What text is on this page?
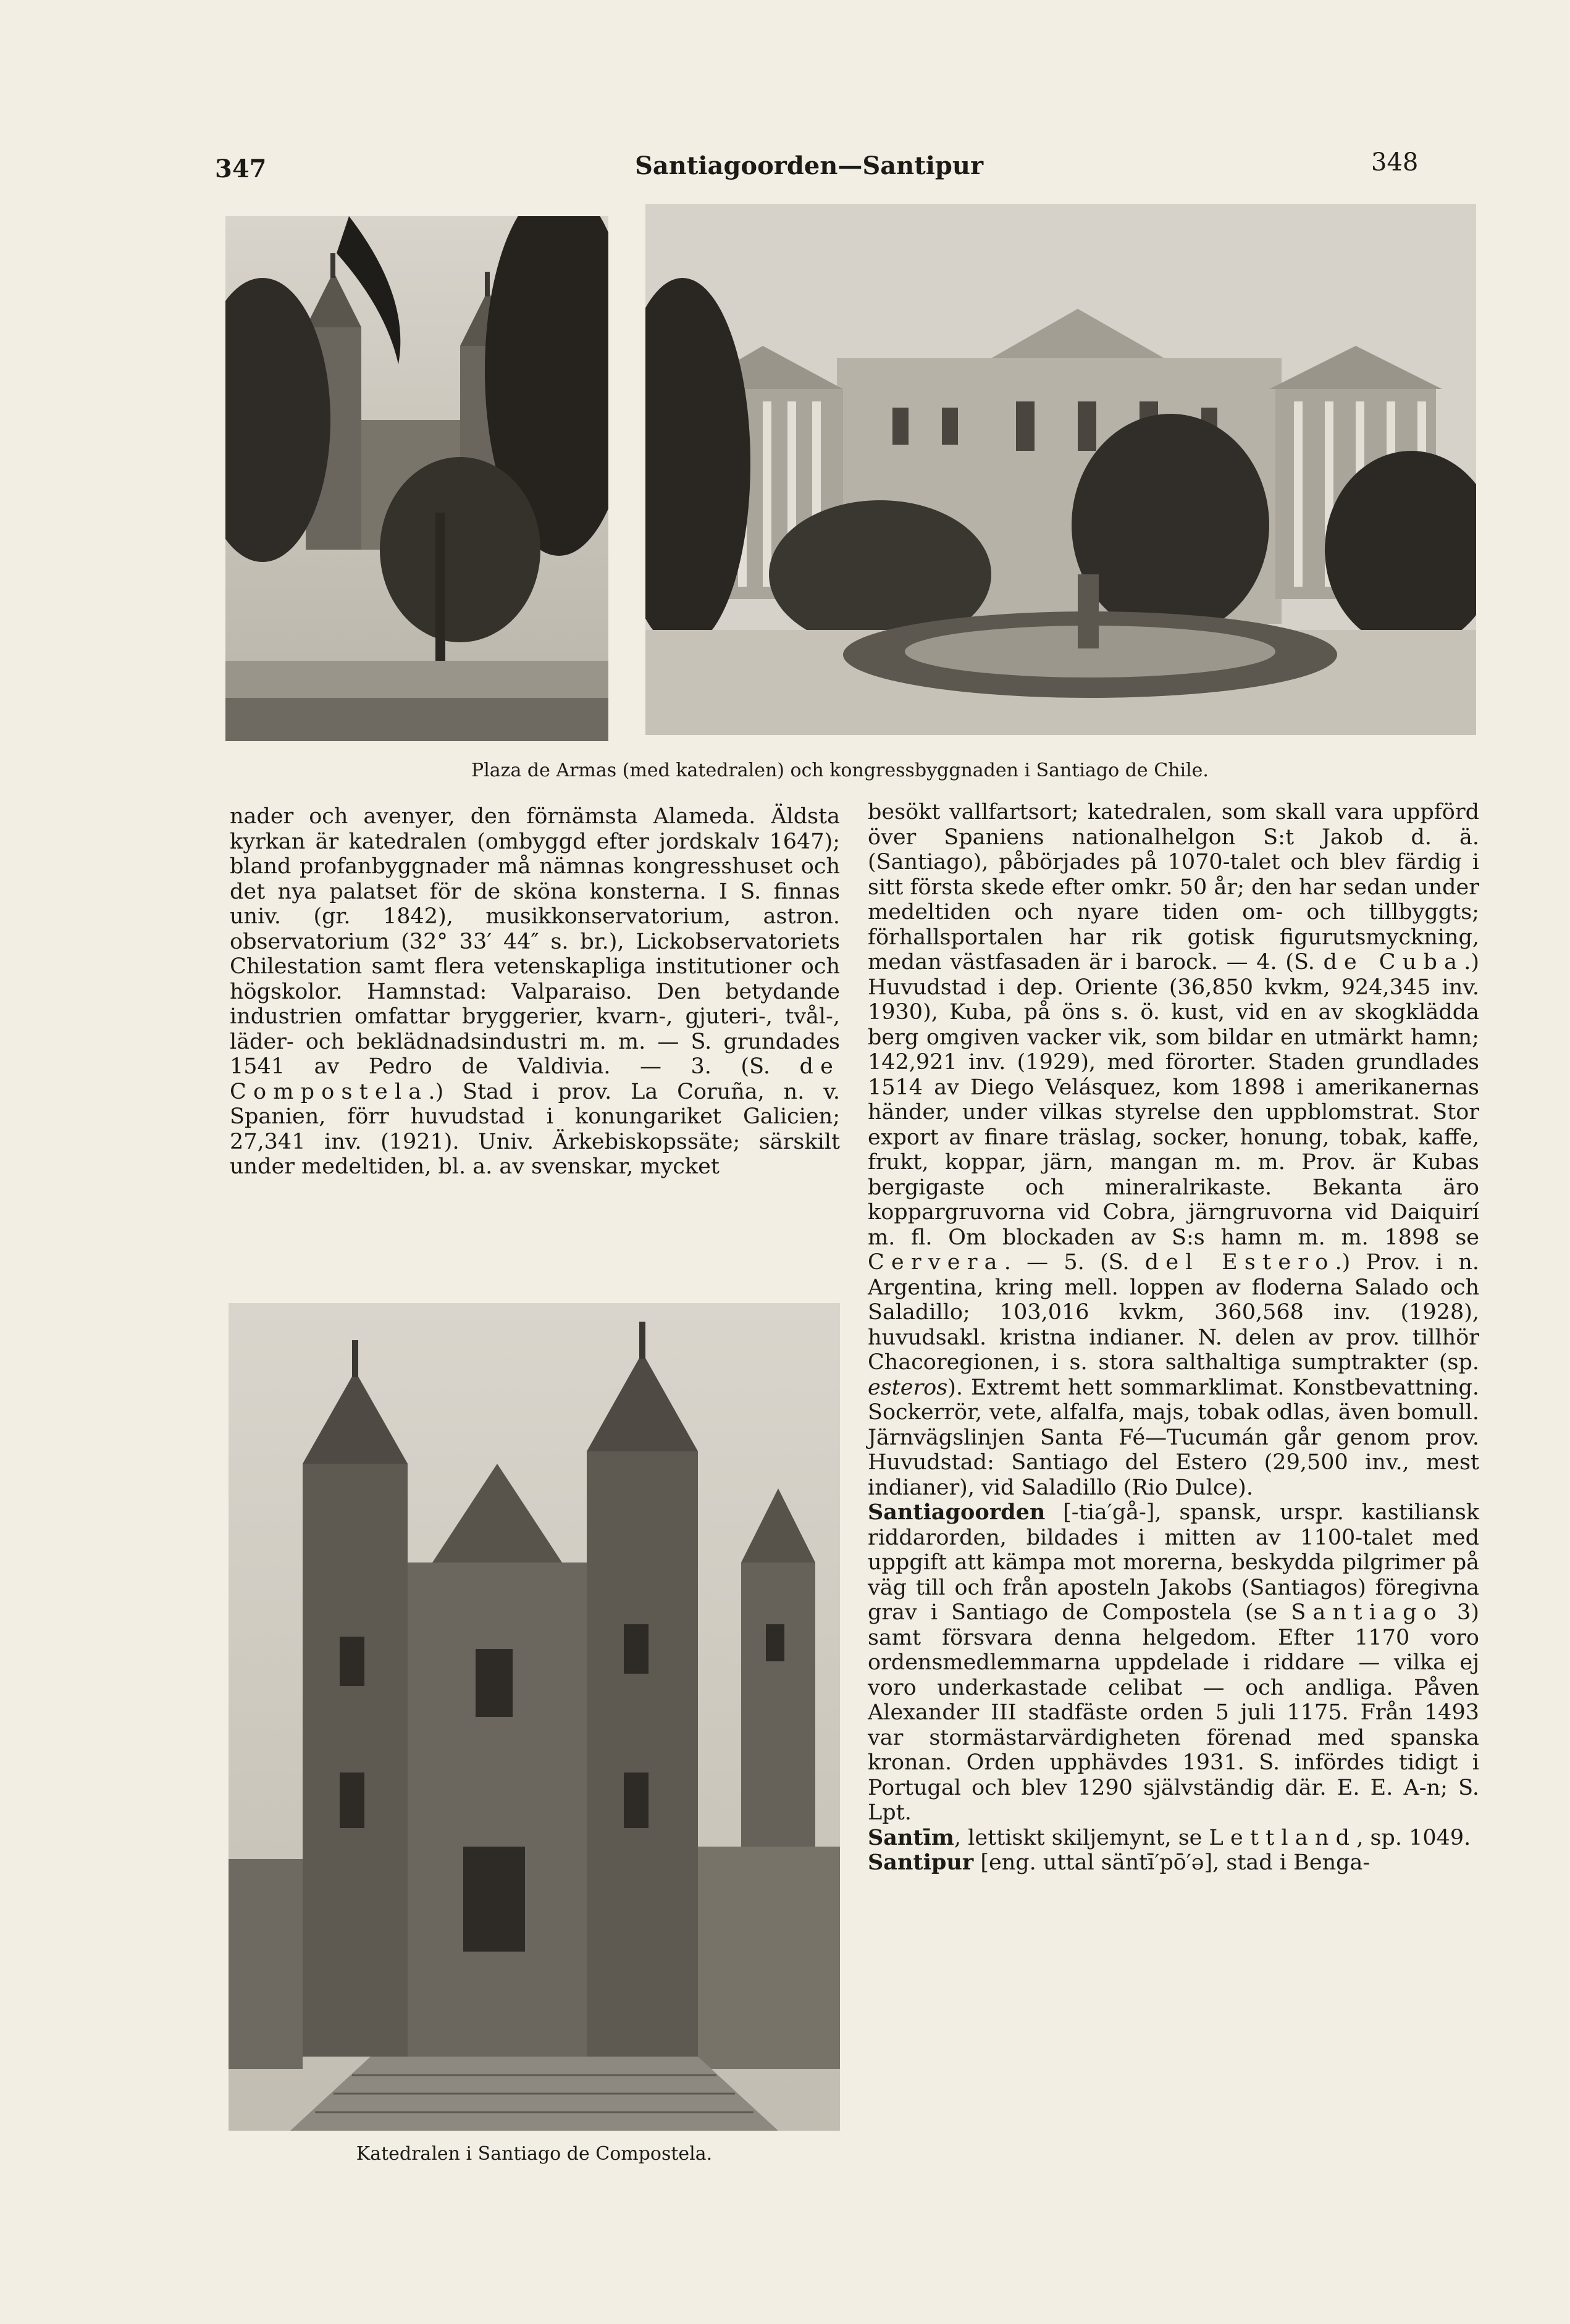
347	Santiagoorden—Santipur	348
Plaza de Armas (med katedralen) och kongressbyggnaden i Santiago de Chile.
Katedralen i Santiago de Compostela.

nader och avenyer, den förnämsta Alameda. Äldsta kyrkan är katedralen (ombyggd efter jordskalv 1647); bland profanbyggnader må nämnas kongresshuset och det nya palatset för de sköna konsterna. I S. finnas univ. (gr. 1842), musikkonservatorium, astron. observatorium (32° 33′ 44″ s. br.), Lickobservatoriets Chilestation samt flera vetenskapliga institutioner och högskolor. Hamnstad: Valparaiso. Den betydande industrien omfattar bryggerier, kvarn-, gjuteri-, tvål-, läder- och beklädnadsindustri m. m. — S. grundades 1541 av Pedro de Valdivia. — 3. (S. de Compostela.) Stad i prov. La Coruña, n. v. Spanien, förr huvudstad i konungariket Galicien; 27,341 inv. (1921). Univ. Ärkebiskopssäte; särskilt under medeltiden, bl. a. av svenskar, mycket

besökt vallfartsort; katedralen, som skall vara uppförd över Spaniens nationalhelgon S:t Jakob d. ä. (Santiago), påbörjades på 1070-talet och blev färdig i sitt första skede efter omkr. 50 år; den har sedan under medeltiden och nyare tiden om- och tillbyggts; förhallsportalen har rik gotisk figurutsmyckning, medan västfasaden är i barock. — 4. (S. de Cuba.) Huvudstad i dep. Oriente (36,850 kvkm, 924,345 inv. 1930), Kuba, på öns s. ö. kust, vid en av skogklädda berg omgiven vacker vik, som bildar en utmärkt hamn; 142,921 inv. (1929), med förorter. Staden grundlades 1514 av Diego Velásquez, kom 1898 i amerikanernas händer, under vilkas styrelse den uppblomstrat. Stor export av finare träslag, socker, honung, tobak, kaffe, frukt, koppar, järn, mangan m. m. Prov. är Kubas bergigaste och mineralrikaste. Bekanta äro koppargruvorna vid Cobra, järngruvorna vid Daiquirí m. fl. Om blockaden av S:s hamn m. m. 1898 se Cervera. — 5. (S. del Estero.) Prov. i n. Argentina, kring mell. loppen av floderna Salado och Saladillo; 103,016 kvkm, 360,568 inv. (1928), huvudsakl. kristna indianer. N. delen av prov. tillhör Chacoregionen, i s. stora salthaltiga sumptrakter (sp. esteros). Extremt hett sommarklimat. Konstbevattning. Sockerrör, vete, alfalfa, majs, tobak odlas, även bomull. Järnvägslinjen Santa Fé—Tucumán går genom prov. Huvudstad: Santiago del Estero (29,500 inv., mest indianer), vid Saladillo (Rio Dulce).

Santiagoorden [-tia′gå-], spansk, urspr. kastiliansk riddarorden, bildades i mitten av 1100-talet med uppgift att kämpa mot morerna, beskydda pilgrimer på väg till och från aposteln Jakobs (Santiagos) föregivna grav i Santiago de Compostela (se Santiago 3) samt försvara denna helgedom. Efter 1170 voro ordensmedlemmarna uppdelade i riddare — vilka ej voro underkastade celibat — och andliga. Påven Alexander III stadfäste orden 5 juli 1175. Från 1493 var stormästarvärdigheten förenad med spanska kronan. Orden upphävdes 1931. S. infördes tidigt i Portugal och blev 1290 självständig där. E. E. A-n; S. Lpt.

Santīm, lettiskt skiljemynt, se Lettland, sp. 1049.

Santipur [eng. uttal säntī′pō′ə], stad i Benga-
